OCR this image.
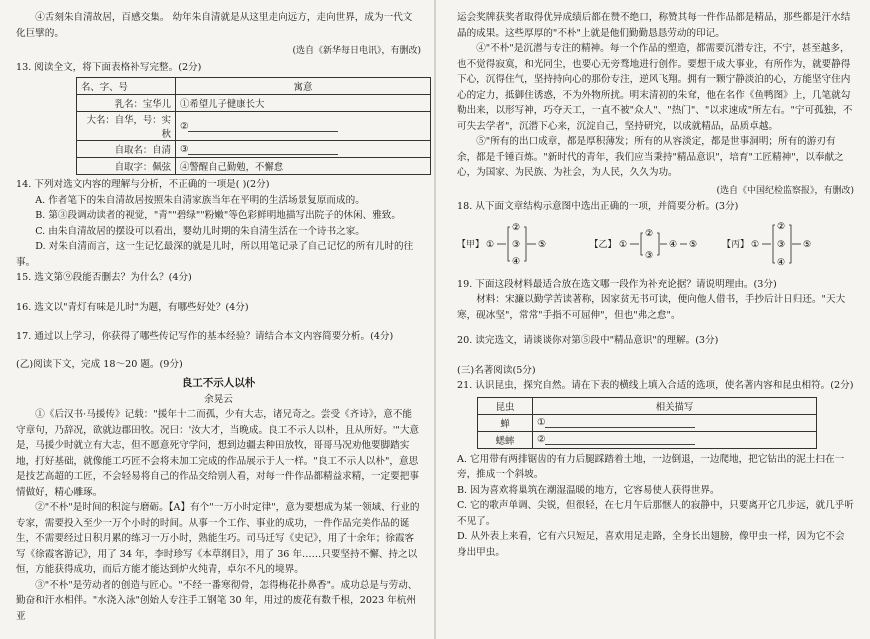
④舌刻朱自清故居，百感交集。 幼年朱自清就是从这里走向远方，走向世界，成为一代文化巨擘的。

(选自《新华每日电讯》，有删改)

13. 阅读全文，将下面表格补写完整。(2分)

名、字、号	寓意
乳名：宝华儿	①希望儿子健康长大
大名：自华，号：实秋	②
自取名：自清	③
自取字：佩弦	④警醒自己勤勉，不懈怠

14. 下列对选文内容的理解与分析，不正确的一项是( )(2分)

A. 作者笔下的朱自清故居按照朱自清家族当年在平明的生活场景复原而成的。

B. 第③段调动读者的视觉，"青""碧绿""粉嫩"等色彩鲜明地描写出院子的休闲、雅致。

C. 由朱自清故居的摆设可以看出，婴幼儿时期的朱自清生活在一个诗书之家。

D. 对朱自清而言，这一生记忆最深的就是儿时，所以用笔记录了自己记忆的所有儿时的往事。

15. 选文第⑨段能否删去？为什么？(4分)

16. 选文以"青灯有味是儿时"为题，有哪些好处？(4分)

17. 通过以上学习，你获得了哪些传记写作的基本经验？请结合本文内容简要分析。(4分)

(乙)阅读下文，完成 18～20 题。(9分)

良工不示人以朴

余晃云

①《后汉书·马援传》记载："援年十二而孤，少有大志，诸兄奇之。尝受《齐诗》，意不能守章句，乃辞况，欲就边郡田牧。况曰：'汝大才，当晚成。良工不示人以朴，且从所好。'"大意是，马援少时就立有大志，但不愿意死守学问，想到边疆去种田放牧，哥哥马况劝他要脚踏实地，打好基础，就像能工巧匠不会将未加工完成的作品展示于人一样。"良工不示人以朴"，意思是技艺高超的工匠，不会轻易将自己的作品交给别人看，对每一件作品都精益求精，一定要把事情做好，精心雕琢。

②"不朴"是时间的积淀与磨砺。【A】有个"一万小时定律"，意为要想成为某一领域、行业的专家，需要投入至少一万个小时的时间。从事一个工作、事业的成功，一件作品完美作品的诞生，不需要经过日积月累的练习一万小时，熟能生巧。司马迁写《史记》，用了十余年；徐霞客写《徐霞客游记》，用了 34 年，李时珍写《本草纲目》，用了 36 年……只要坚持不懈、持之以恒，方能获得成功，而后方能才能达到炉火纯青，卓尔不凡的境界。

③"不朴"是劳动者的创造与匠心。"不经一番寒彻骨，怎得梅花扑鼻香"。成功总是与劳动、勤奋和汗水相伴。"水浇入泳"创始人专注手工钢笔 30 年，用过的废花有数千根，2023 年杭州亚

运会奖牌获奖者取得优异成绩后都在赞不绝口，称赞其每一件作品都是精品，那些都是汗水结晶的成果。这些厚厚的"不朴"上就是他们勤勤恳恳劳动的印记。

④"不朴"是沉潜与专注的精神。每一个作品的塑造，都需要沉潜专注，不宁，甚至越多，也不觉得寂寞，和光同尘，也要心无旁骛地进行创作。要想干成大事业，有所作为，就要静得下心，沉得住气，坚持持向心的那份专注，逆风飞翔。拥有一颗宁静淡泊的心，方能坚守住内心的定力，抵御住诱惑，不为外物所扰。明末清初的朱耷，他在名作《鱼鸭图》上，几笔就勾勒出来，以形写神，巧夺天工，一直不被"众人"、"热门"、"以求速成"所左右。"宁可孤独，不可失去学者"，沉潜下心来，沉淀自己，坚持研究，以成就精品，品质卓越。

⑤"所有的出口成章，都是厚积薄发；所有的从容淡定，都是世事洞明；所有的游刃有余，都是千锤百炼。"新时代的青年，我们应当秉持"精品意识"，培育"工匠精神"，以奉献之心，为国家、为民族、为社会，为人民，久久为功。

(选自《中国纪检监察报》，有删改)

18. 从下面文章结构示意图中选出正确的一项，并简要分析。(3分)

【甲】 ①
②
③
④
⑤	【乙】 ①
②
③
④ ⑤	【丙】 ①
②
③
④
⑤

19. 下面这段材料最适合放在选文哪一段作为补充论据？请说明理由。(3分)

材料：宋濂以勤学苦读著称，因家贫无书可读，便向他人借书，手抄后计日归还。"天大寒，砚冰坚"，常常"手指不可屈伸"，但也"弗之怠"。

20. 读完选文，请谈谈你对第⑤段中"精品意识"的理解。(3分)

(三)名著阅读(5分)

21. 认识昆虫，探究自然。请在下表的横线上填入合适的选项，使名著内容和昆虫相符。(2分)

昆虫	相关描写
蝉	①
蟋蟀	②

A. 它用带有两排锯齿的有力后腿踩踏着土地，一边倒退，一边爬地，把它钻出的泥土扫在一旁，推成一个斜坡。

B. 因为喜欢将巢筑在潮湿温暖的地方，它容易使人获得世界。

C. 它的歌声单调、尖锐，但很轻，在七月午后那惬人的寂静中，只要离开它几步远，就几乎听不见了。

D. 从外表上来看，它有六只短足，喜欢用足走路，全身长出翅膀，像甲虫一样，因为它不会身出甲虫。
